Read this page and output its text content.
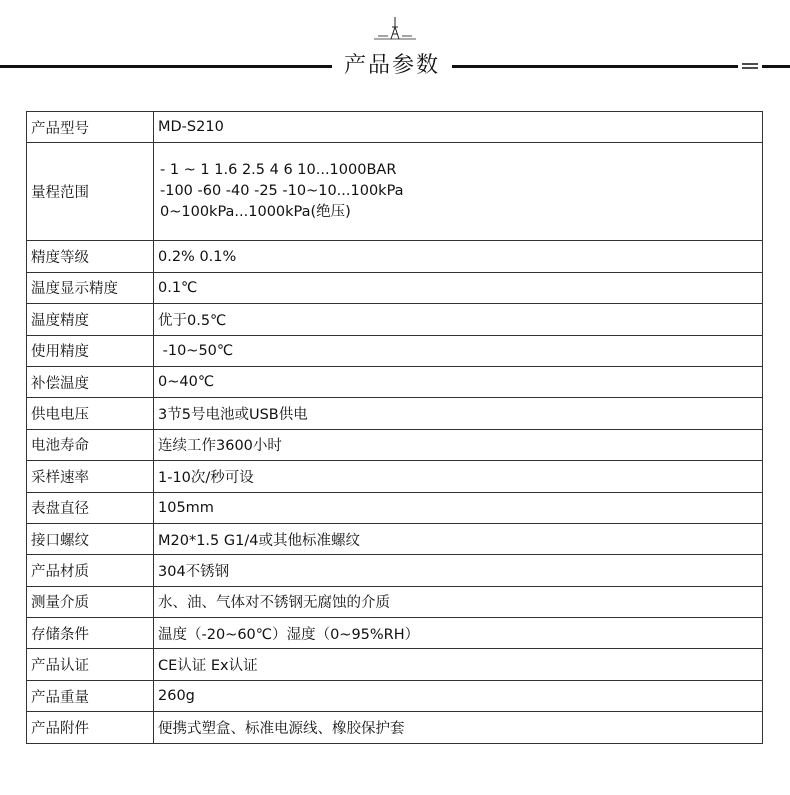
产品参数
产品型号	MD-S210
量程范围	- 1 ~ 1 1.6 2.5 4 6 10...1000BAR
-100 -60 -40 -25 -10~10...100kPa
0~100kPa...1000kPa(绝压)

精度等级	0.2% 0.1%
温度显示精度	0.1℃
温度精度	优于0.5℃
使用精度	-10~50℃
补偿温度	0~40℃
供电电压	3节5号电池或USB供电
电池寿命	连续工作3600小时
采样速率	1-10次/秒可设
表盘直径	105mm
接口螺纹	M20*1.5 G1/4或其他标准螺纹
产品材质	304不锈钢
测量介质	水、油、气体对不锈钢无腐蚀的介质
存储条件	温度（-20~60℃）湿度（0~95%RH）
产品认证	CE认证 Ex认证
产品重量	260g
产品附件	便携式塑盒、标准电源线、橡胶保护套
